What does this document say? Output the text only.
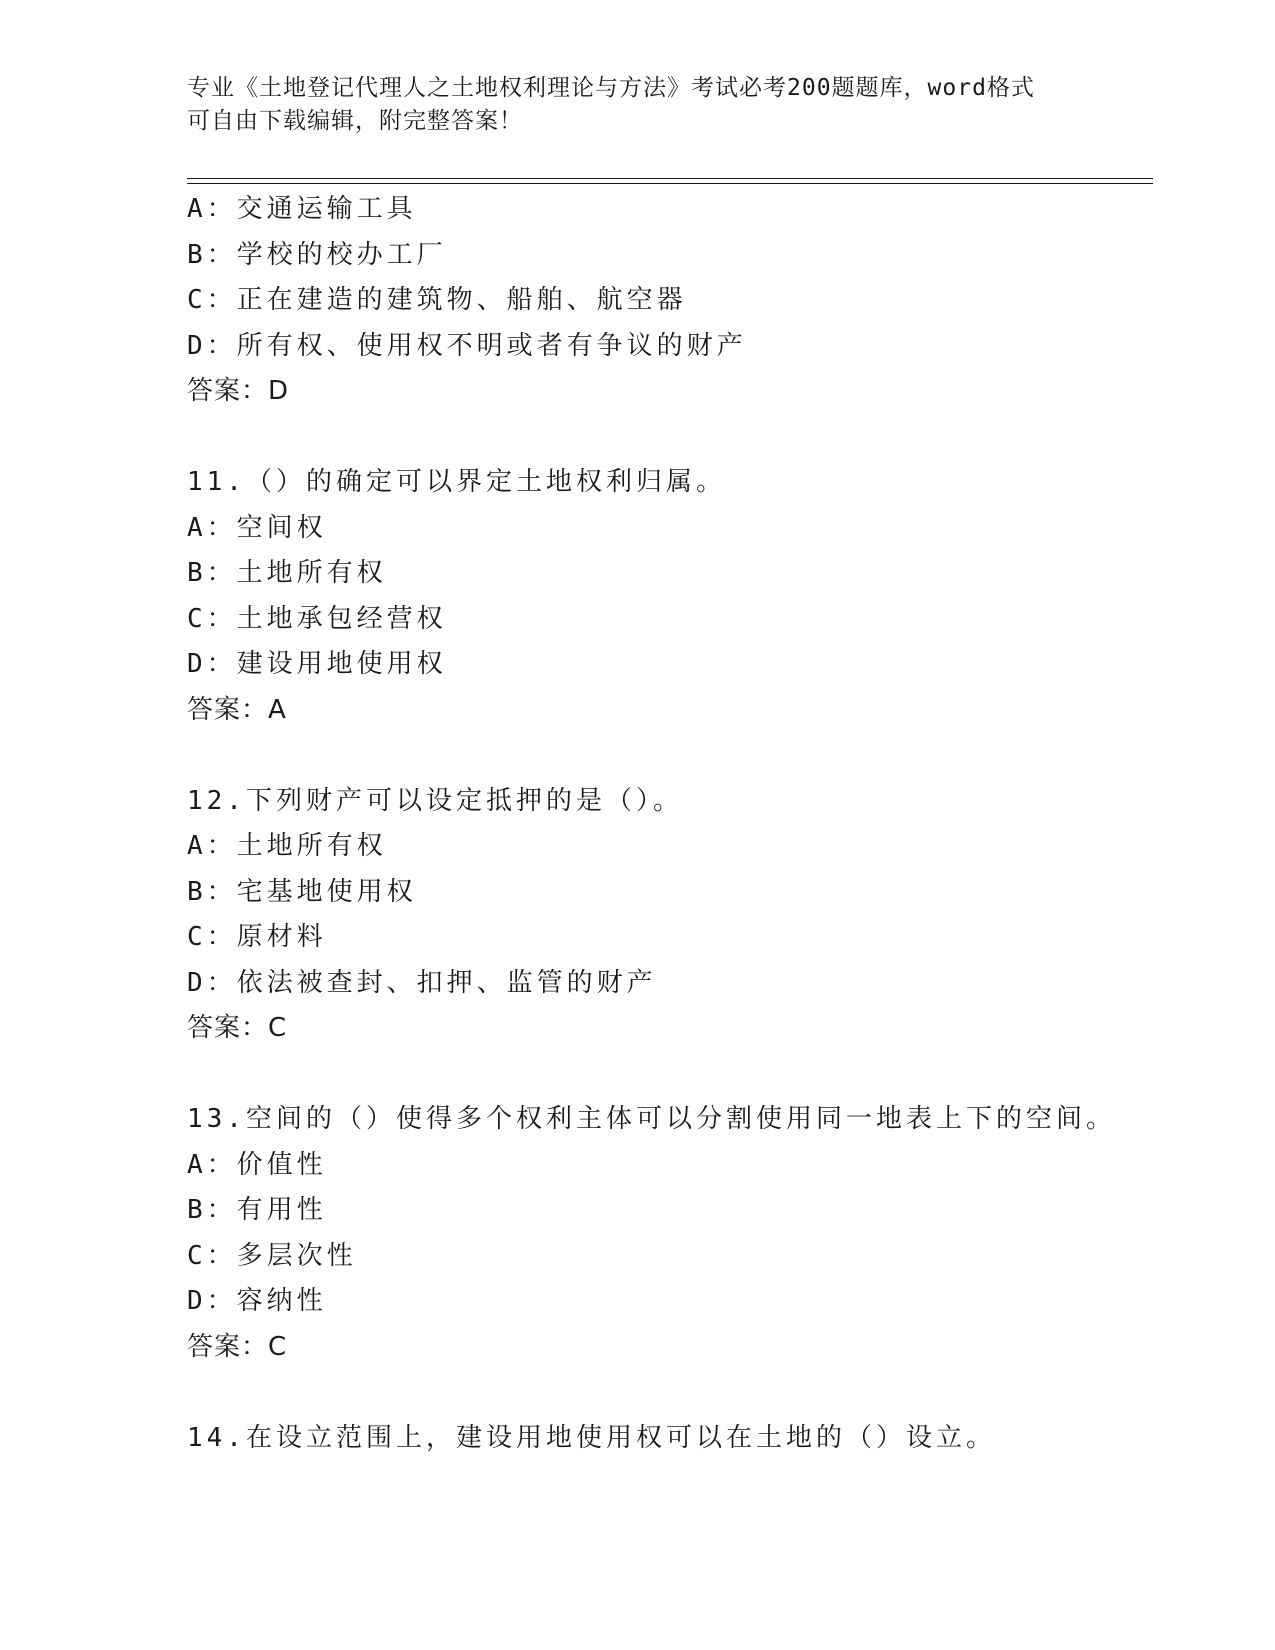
专业《土地登记代理人之土地权利理论与方法》考试必考200题题库，word格式
可自由下载编辑，附完整答案！
A：交通运输工具
B：学校的校办工厂
C：正在建造的建筑物、船舶、航空器
D：所有权、使用权不明或者有争议的财产
答案：D
11.（）的确定可以界定土地权利归属。
A：空间权
B：土地所有权
C：土地承包经营权
D：建设用地使用权
答案：A
12.下列财产可以设定抵押的是（）。
A：土地所有权
B：宅基地使用权
C：原材料
D：依法被查封、扣押、监管的财产
答案：C
13.空间的（）使得多个权利主体可以分割使用同一地表上下的空间。
A：价值性
B：有用性
C：多层次性
D：容纳性
答案：C
14.在设立范围上，建设用地使用权可以在土地的（）设立。
